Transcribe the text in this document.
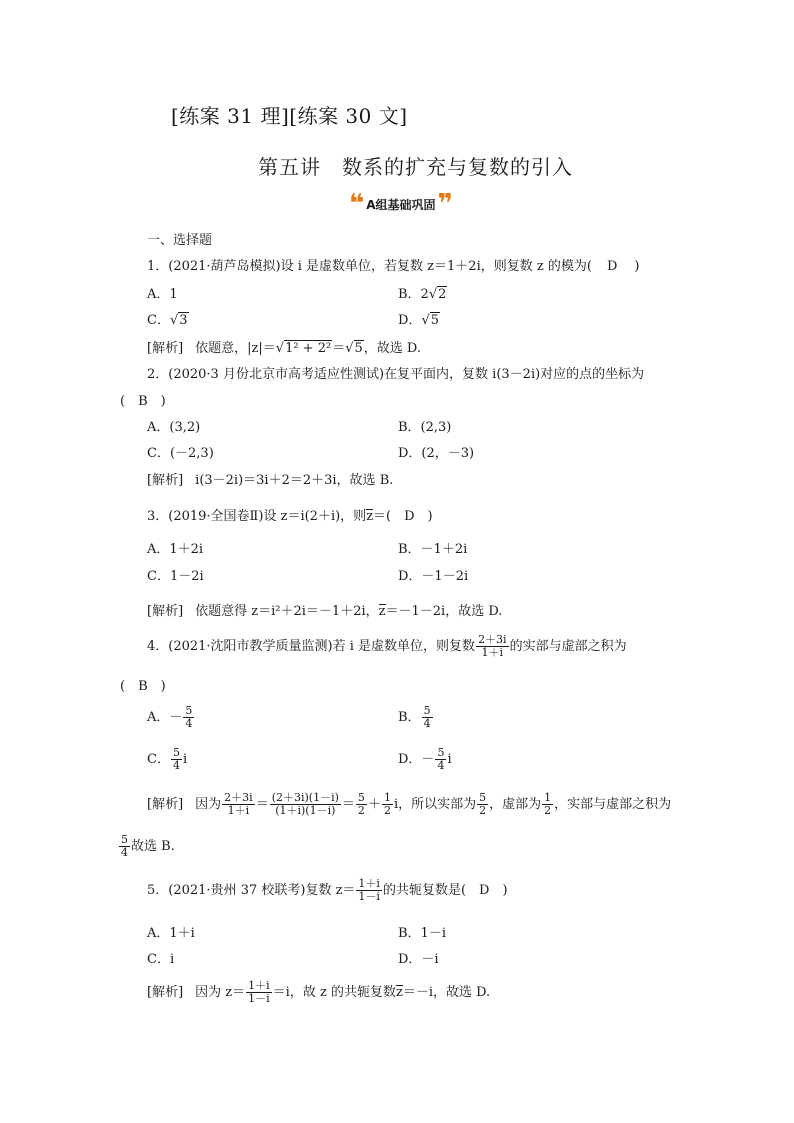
[练案 31 理][练案 30 文]
第五讲　数系的扩充与复数的引入
❝ A组基础巩固 ❞
一、选择题
1．(2021·葫芦岛模拟)设 i 是虚数单位，若复数 z＝1＋2i，则复数 z 的模为(　 D　 )
A．1	B．2√2
C．√3	D．√5
[解析] 依题意，|z|＝√1² + 2²＝√5，故选 D.
2．(2020·3 月份北京市高考适应性测试)在复平面内，复数 i(3－2i)对应的点的坐标为
(　B　)
A．(3,2)	B．(2,3)
C．(－2,3)	D．(2，－3)
[解析] i(3－2i)＝3i＋2＝2＋3i，故选 B.
3．(2019·全国卷Ⅱ)设 z＝i(2＋i)，则z＝(　D　)
A．1＋2i	B．－1＋2i
C．1－2i	D．－1－2i
[解析] 依题意得 z＝i²＋2i＝－1＋2i，z＝－1－2i，故选 D.
4．(2021·沈阳市教学质量监测)若 i 是虚数单位，则复数 $\frac{2+3i}{1+i}$ 的实部与虚部之积为
(　B　)
A．－ $\frac{5}{4}$	B． $\frac{5}{4}$
C． $\frac{5}{4}$ i	D．－ $\frac{5}{4}$ i
[解析] 因为 $\frac{2+3i}{1+i} = \frac{(2+3i)(1-i)}{(1+i)(1-i)} = \frac{5}{2} + \frac{1}{2}$ i，所以实部为 $\frac{5}{2}$ ，虚部为 $\frac{1}{2}$ ，实部与虚部之积为
$\frac{5}{4}$ 故选 B.
5．(2021·贵州 37 校联考)复数 $z= \frac{1+i}{1-i}$ 的共轭复数是(　D　)
A．1＋i	B．1－i
C．i	D．－i
[解析] 因为 $z= \frac{1+i}{1-i} =i$，故 z 的共轭复数z＝－i，故选 D.
